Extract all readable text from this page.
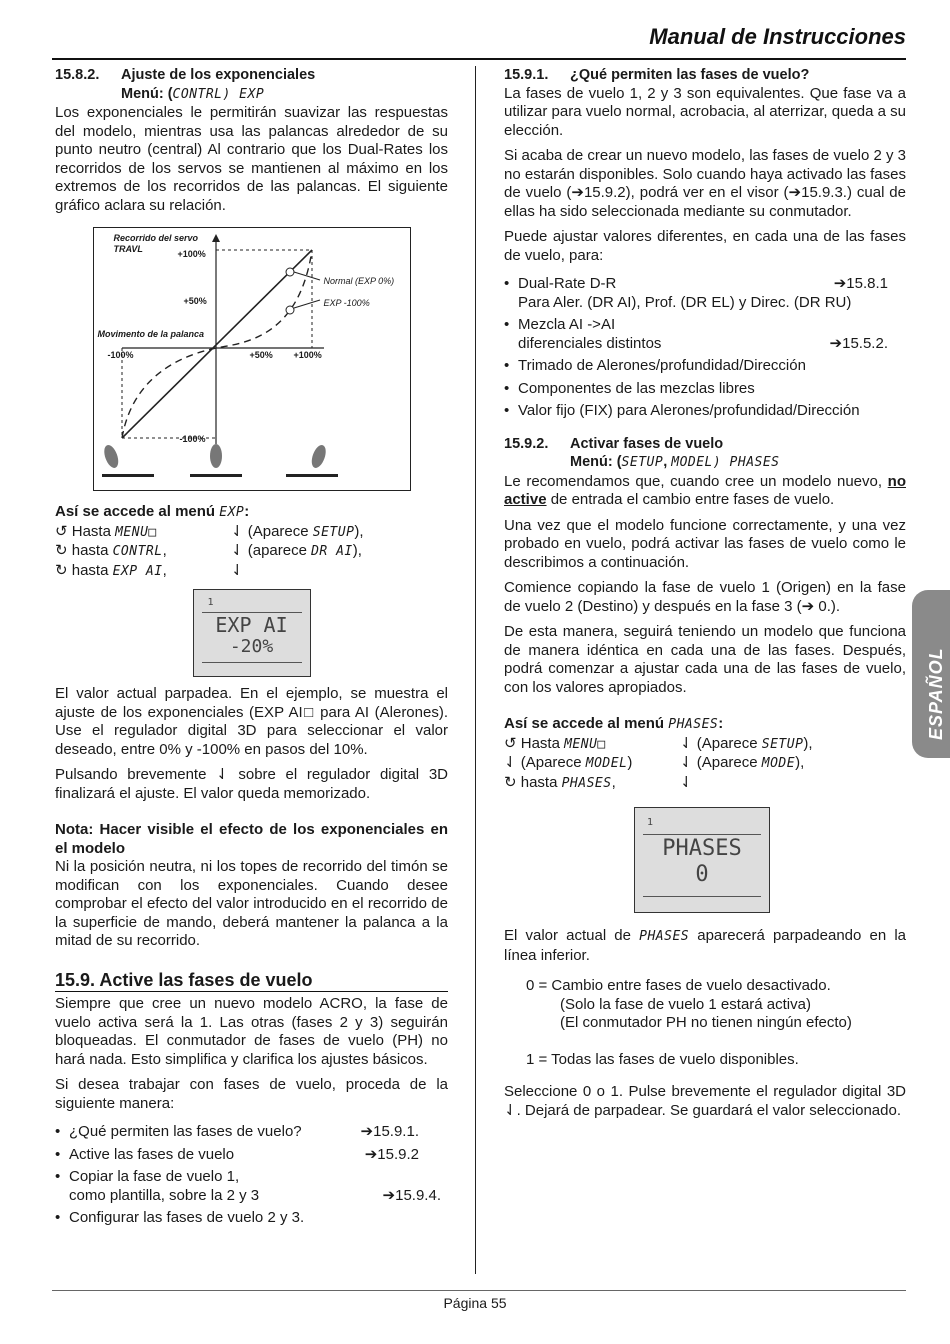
Manual de Instrucciones
ESPAÑOL
15.8.2. Ajuste de los exponenciales
Menú: (CONTRL) EXP

Los exponenciales le permitirán suavizar las respuestas del modelo, mientras usa las palancas alrededor de su punto neutro (central) Al contrario que los Dual-Rates los recorridos de los servos se mantienen al máximo en los extremos de los recorridos de las palancas. El siguiente gráfico aclara su relación.

Recorrido del servo
TRAVL	+100%
+50%
-100%
Movimento de la palanca
-100%	+50% +100%
Normal (EXP 0%)
EXP -100%
Así se accede al menú EXP:
↺ Hasta MENU□	⇃ (Aparece SETUP),
↻ hasta CONTRL,	⇃ (aparece DR AI),
↻ hasta EXP AI,	⇃
1
EXP AI
-20%

El valor actual parpadea. En el ejemplo, se muestra el ajuste de los exponenciales (EXP AI□ para AI (Alerones). Use el regulador digital 3D para seleccionar el valor deseado, entre 0% y -100% en pasos del 10%.

Pulsando brevemente ⇃ sobre el regulador digital 3D finalizará el ajuste. El valor queda memorizado.

Nota: Hacer visible el efecto de los exponenciales en el modelo

Ni la posición neutra, ni los topes de recorrido del timón se modifican con los exponenciales. Cuando desee comprobar el efecto del valor introducido en el recorrido de la superficie de mando, deberá mantener la palanca a la mitad de su recorrido.

15.9. Active las fases de vuelo

Siempre que cree un nuevo modelo ACRO, la fase de vuelo activa será la 1. Las otras (fases 2 y 3) seguirán bloqueadas. El conmutador de fases de vuelo (PH) no hará nada. Esto simplifica y clarifica los ajustes básicos.

Si desea trabajar con fases de vuelo, proceda de la siguiente manera:

• ¿Qué permiten las fases de vuelo?	➔15.9.1.
• Active las fases de vuelo	➔15.9.2
• Copiar la fase de vuelo 1,
como plantilla, sobre la 2 y 3	➔15.9.4.
• Configurar las fases de vuelo 2 y 3.
15.9.1. ¿Qué permiten las fases de vuelo?

La fases de vuelo 1, 2 y 3 son equivalentes. Que fase va a utilizar para vuelo normal, acrobacia, al aterrizar, queda a su elección.

Si acaba de crear un nuevo modelo, las fases de vuelo 2 y 3 no estarán disponibles. Solo cuando haya activado las fases de vuelo (➔15.9.2), podrá ver en el visor (➔15.9.3.) cual de ellas ha sido seleccionada mediante su conmutador.

Puede ajustar valores diferentes, en cada una de las fases de vuelo, para:

• Dual-Rate D-R	➔15.8.1
Para Aler. (DR AI), Prof. (DR EL) y Direc. (DR RU)
• Mezcla AI ->AI
diferenciales distintos	➔15.5.2.
• Trimado de Alerones/profundidad/Dirección
• Componentes de las mezclas libres
• Valor fijo (FIX) para Alerones/profundidad/Dirección
15.9.2. Activar fases de vuelo
Menú: (SETUP, MODEL) PHASES

Le recomendamos que, cuando cree un modelo nuevo, no active de entrada el cambio entre fases de vuelo.

Una vez que el modelo funcione correctamente, y una vez probado en vuelo, podrá activar las fases de vuelo como le describimos a continuación.

Comience copiando la fase de vuelo 1 (Origen) en la fase de vuelo 2 (Destino) y después en la fase 3 (➔ 0.).

De esta manera, seguirá teniendo un modelo que funciona de manera idéntica en cada una de las fases. Después, podrá comenzar a ajustar cada una de las fases de vuelo, con los valores apropiados.

Así se accede al menú PHASES:
↺ Hasta MENU□	⇃ (Aparece SETUP),
⇃ (Aparece MODEL)	⇃ (Aparece MODE),
↻ hasta PHASES,	⇃
1
PHASES
0

El valor actual de PHASES aparecerá parpadeando en la línea inferior.

0 = Cambio entre fases de vuelo desactivado.
(Solo la fase de vuelo 1 estará activa)
(El conmutador PH no tienen ningún efecto)
1 = Todas las fases de vuelo disponibles.

Seleccione 0 o 1. Pulse brevemente el regulador digital 3D ⇃. Dejará de parpadear. Se guardará el valor seleccionado.

Página 55
